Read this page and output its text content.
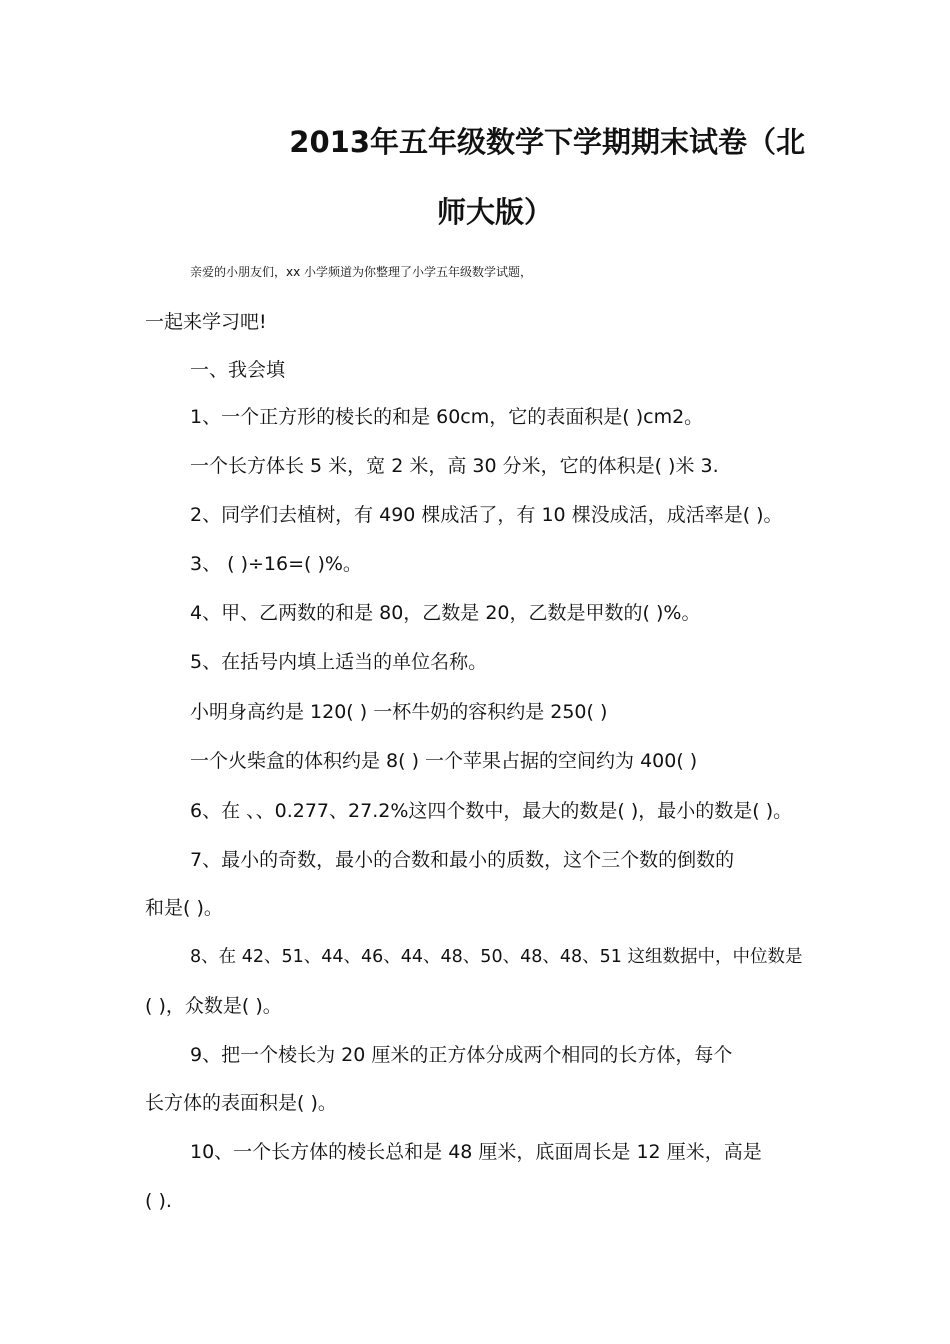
2013年五年级数学下学期期末试卷（北
师大版）
亲爱的小朋友们，xx 小学频道为你整理了小学五年级数学试题，
一起来学习吧!
一、我会填
1、一个正方形的棱长的和是 60cm，它的表面积是( )cm2。
一个长方体长 5 米，宽 2 米，高 30 分米，它的体积是( )米 3.
2、同学们去植树，有 490 棵成活了，有 10 棵没成活，成活率是( )。
3、 ( )÷16=( )%。
4、甲、乙两数的和是 80，乙数是 20，乙数是甲数的( )%。
5、在括号内填上适当的单位名称。
小明身高约是 120( ) 一杯牛奶的容积约是 250( )
一个火柴盒的体积约是 8( ) 一个苹果占据的空间约为 400( )
6、在 、、0.277、27.2%这四个数中，最大的数是( )，最小的数是( )。
7、最小的奇数，最小的合数和最小的质数，这个三个数的倒数的
和是( )。
8、在 42、51、44、46、44、48、50、48、48、51 这组数据中，中位数是
( )，众数是( )。
9、把一个棱长为 20 厘米的正方体分成两个相同的长方体，每个
长方体的表面积是( )。
10、一个长方体的棱长总和是 48 厘米，底面周长是 12 厘米，高是
( ).
